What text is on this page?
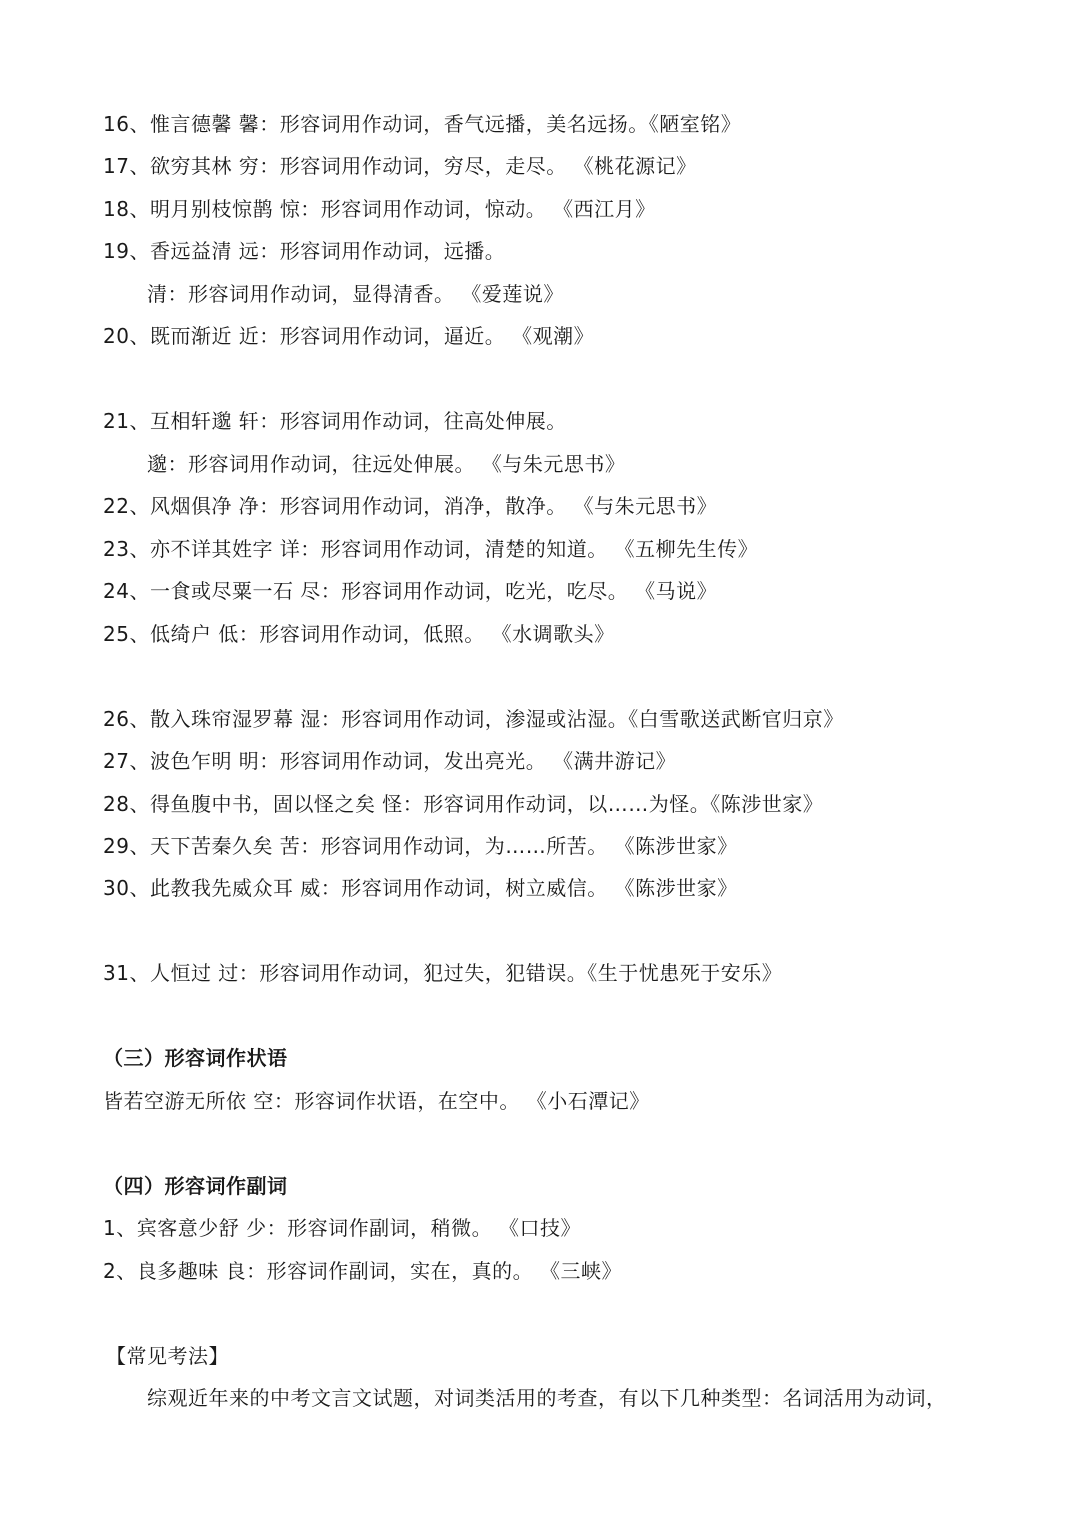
16、惟言德馨 馨：形容词用作动词，香气远播，美名远扬。《陋室铭》
17、欲穷其林 穷：形容词用作动词，穷尽，走尽。 《桃花源记》
18、明月别枝惊鹊 惊：形容词用作动词，惊动。 《西江月》
19、香远益清 远：形容词用作动词，远播。
清：形容词用作动词，显得清香。 《爱莲说》
20、既而渐近 近：形容词用作动词，逼近。 《观潮》
21、互相轩邈 轩：形容词用作动词，往高处伸展。
邈：形容词用作动词，往远处伸展。 《与朱元思书》
22、风烟俱净 净：形容词用作动词，消净，散净。 《与朱元思书》
23、亦不详其姓字 详：形容词用作动词，清楚的知道。 《五柳先生传》
24、一食或尽粟一石 尽：形容词用作动词，吃光，吃尽。 《马说》
25、低绮户 低：形容词用作动词，低照。 《水调歌头》
26、散入珠帘湿罗幕 湿：形容词用作动词，渗湿或沾湿。《白雪歌送武断官归京》
27、波色乍明 明：形容词用作动词，发出亮光。 《满井游记》
28、得鱼腹中书，固以怪之矣 怪：形容词用作动词，以……为怪。《陈涉世家》
29、天下苦秦久矣 苦：形容词用作动词，为……所苦。 《陈涉世家》
30、此教我先威众耳 威：形容词用作动词，树立威信。 《陈涉世家》
31、人恒过 过：形容词用作动词，犯过失，犯错误。《生于忧患死于安乐》
（三）形容词作状语
皆若空游无所依 空：形容词作状语，在空中。 《小石潭记》
（四）形容词作副词
1、宾客意少舒 少：形容词作副词，稍微。 《口技》
2、良多趣味 良：形容词作副词，实在，真的。 《三峡》
【常见考法】
综观近年来的中考文言文试题，对词类活用的考查，有以下几种类型：名词活用为动词，
